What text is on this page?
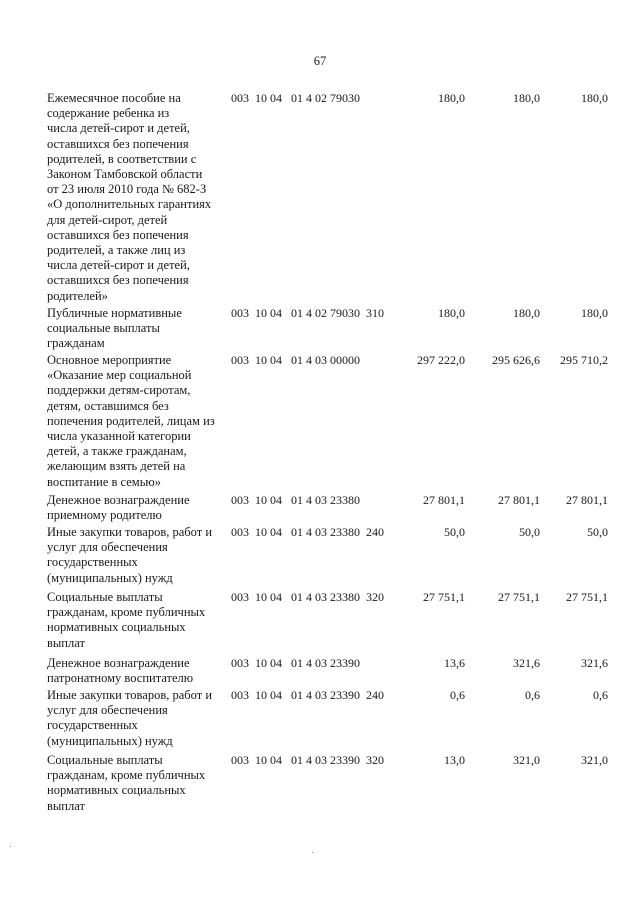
67
Ежемесячное пособие на
содержание ребенка из
числа детей-сирот и детей,
оставшихся без попечения
родителей, в соответствии с
Законом Тамбовской области
от 23 июля 2010 года № 682-З
«О дополнительных гарантиях
для детей-сирот, детей
оставшихся без попечения
родителей, а также лиц из
числа детей-сирот и детей,
оставшихся без попечения
родителей»
003  10 04   01 4 02 79030	180,0	180,0	180,0
Публичные нормативные
социальные выплаты
гражданам
003  10 04   01 4 02 79030  310	180,0	180,0	180,0
Основное мероприятие
«Оказание мер социальной
поддержки детям-сиротам,
детям, оставшимся без
попечения родителей, лицам из
числа указанной категории
детей, а также гражданам,
желающим взять детей на
воспитание в семью»
003  10 04   01 4 03 00000	297 222,0	295 626,6	295 710,2
Денежное вознаграждение
приемному родителю
003  10 04   01 4 03 23380	27 801,1	27 801,1	27 801,1
Иные закупки товаров, работ и
услуг для обеспечения
государственных
(муниципальных) нужд
003  10 04   01 4 03 23380  240	50,0	50,0	50,0
Социальные выплаты
гражданам, кроме публичных
нормативных социальных
выплат
003  10 04   01 4 03 23380  320	27 751,1	27 751,1	27 751,1
Денежное вознаграждение
патронатному воспитателю
003  10 04   01 4 03 23390	13,6	321,6	321,6
Иные закупки товаров, работ и
услуг для обеспечения
государственных
(муниципальных) нужд
003  10 04   01 4 03 23390  240	0,6	0,6	0,6
Социальные выплаты
гражданам, кроме публичных
нормативных социальных
выплат
003  10 04   01 4 03 23390  320	13,0	321,0	321,0
